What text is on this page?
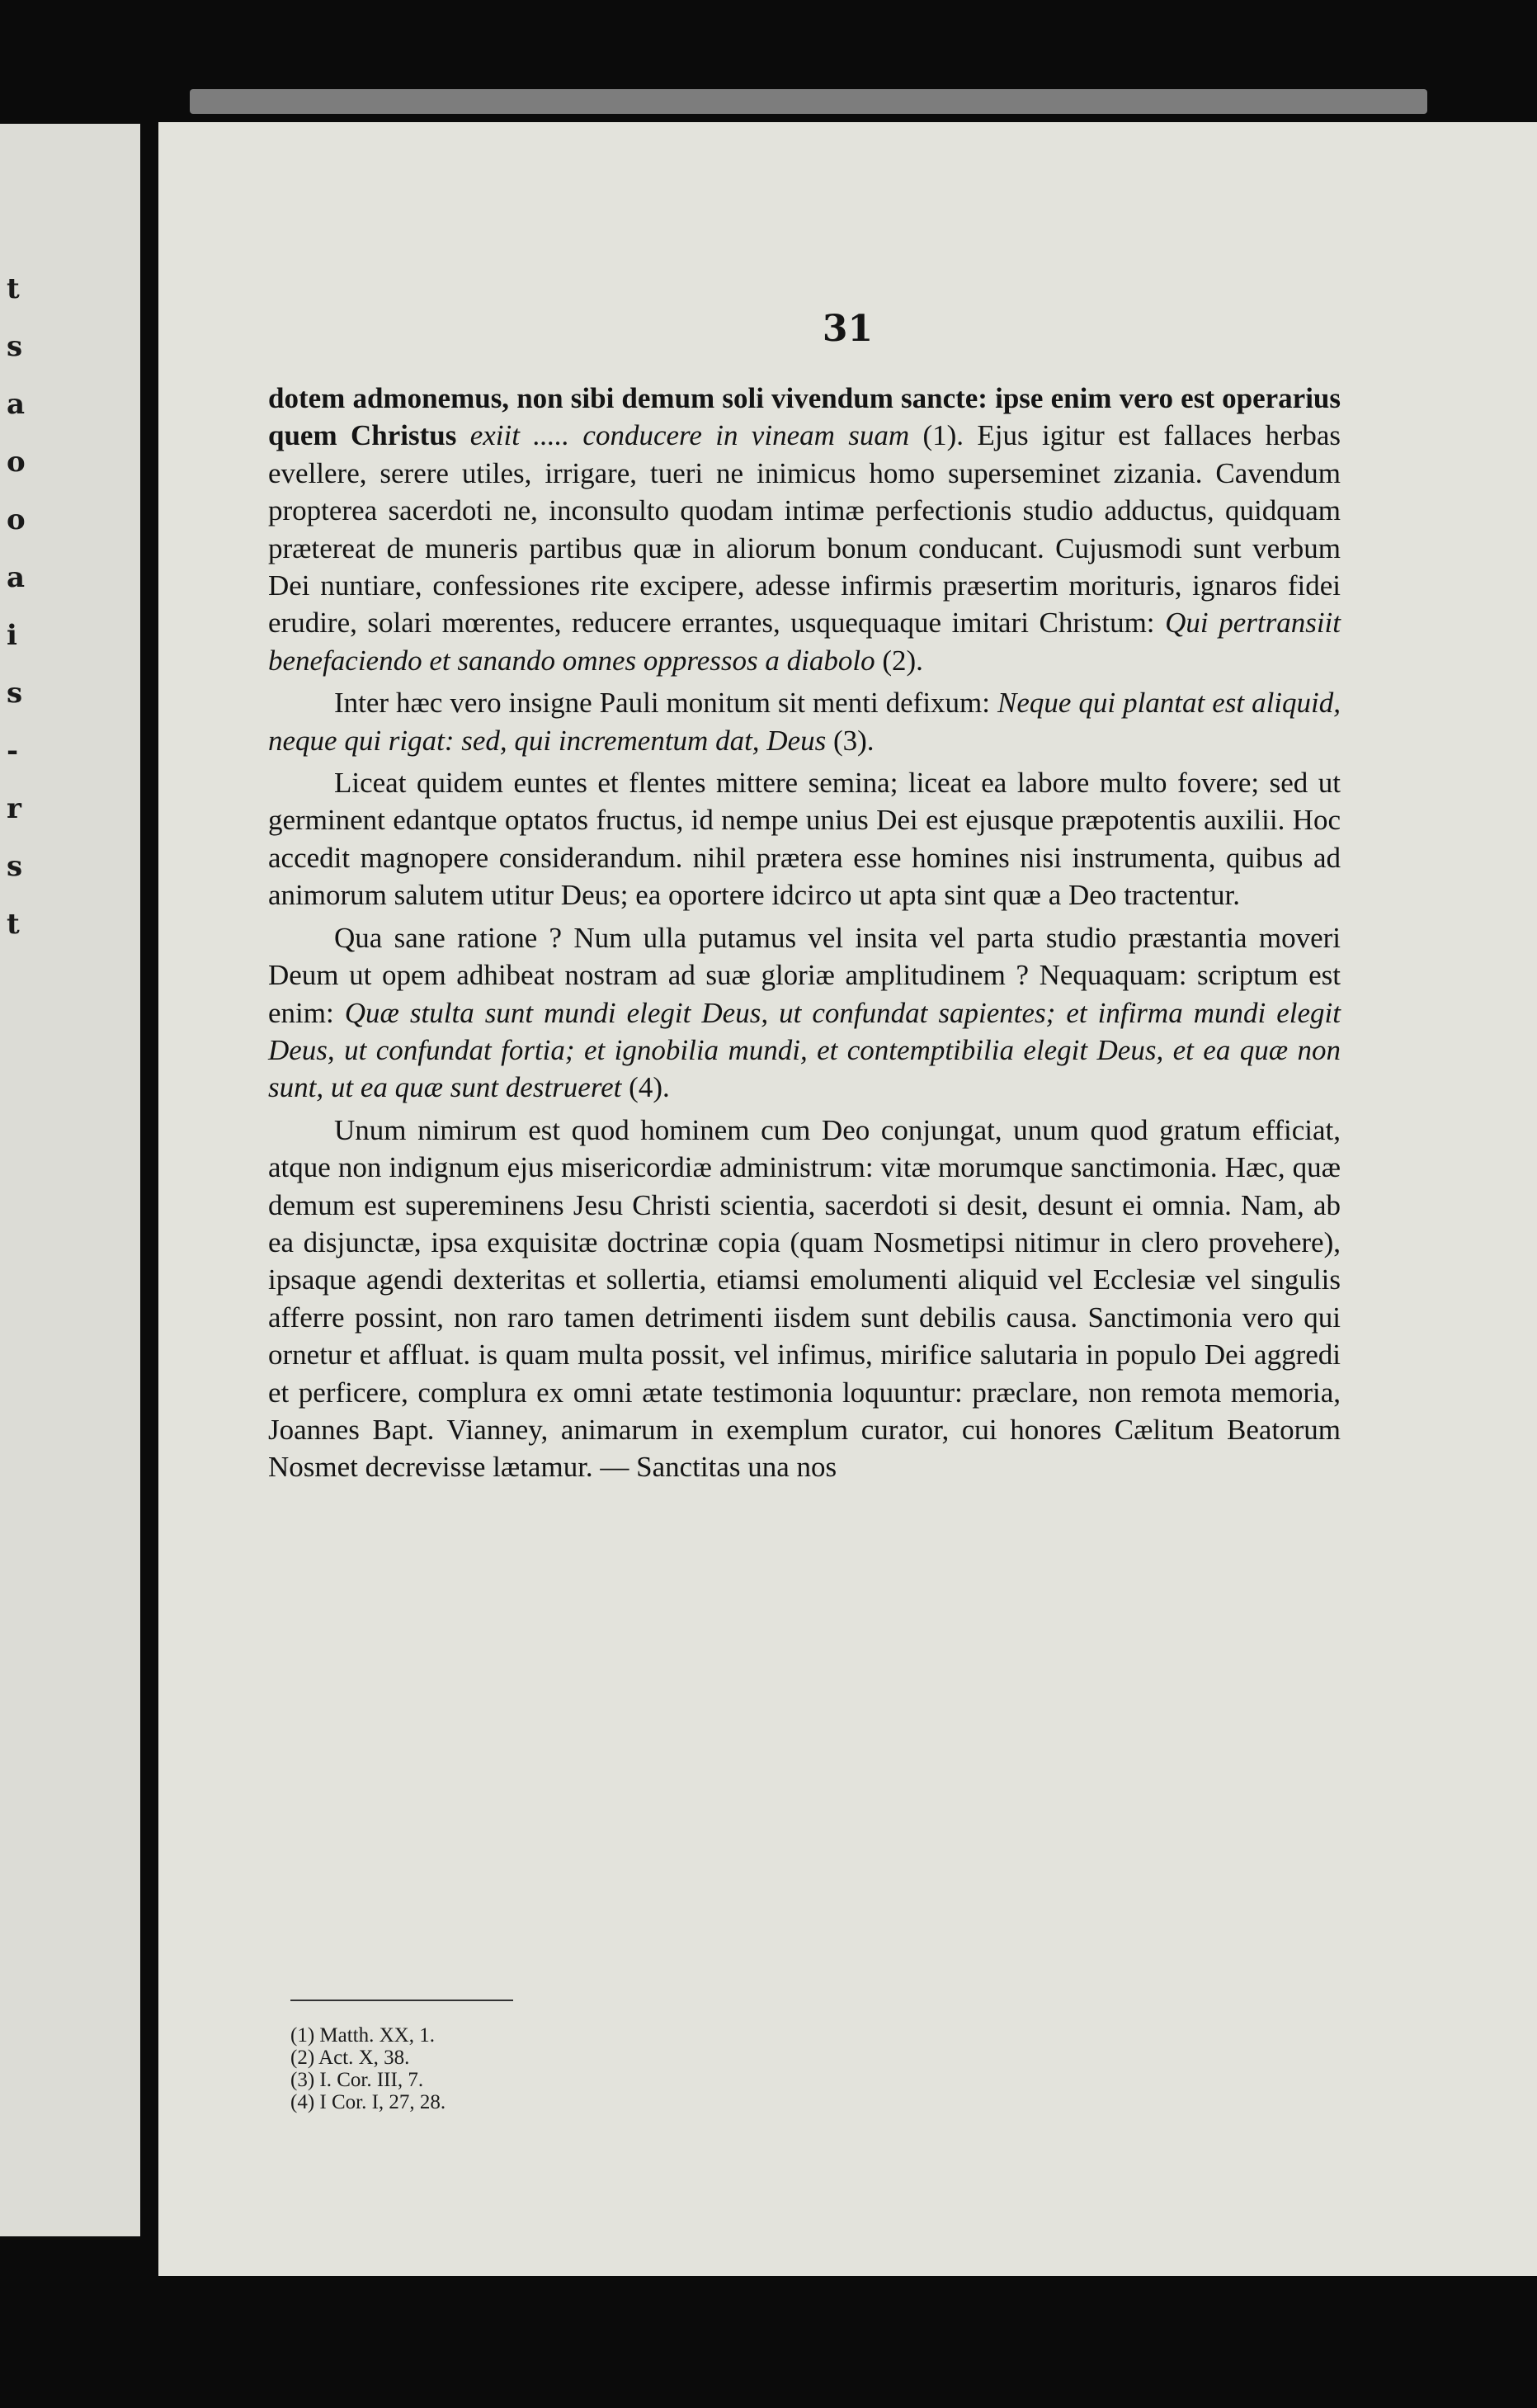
t
s
a
o
o
a
i
s
-
r
s
t
31

dotem admonemus, non sibi demum soli vivendum sancte: ipse enim vero est operarius quem Christus exiit ..... conducere in vineam suam (1). Ejus igitur est fallaces herbas evellere, serere utiles, irrigare, tueri ne inimicus homo superseminet zizania. Cavendum propterea sacerdoti ne, inconsulto quodam intimæ perfectionis studio adductus, quidquam prætereat de muneris partibus quæ in aliorum bonum conducant. Cujusmodi sunt verbum Dei nuntiare, confessiones rite excipere, adesse infirmis præsertim morituris, ignaros fidei erudire, solari mœrentes, reducere errantes, usquequaque imitari Christum: Qui pertransiit benefaciendo et sanando omnes oppressos a diabolo (2).

Inter hæc vero insigne Pauli monitum sit menti defixum: Neque qui plantat est aliquid, neque qui rigat: sed, qui incrementum dat, Deus (3).

Liceat quidem euntes et flentes mittere semina; liceat ea labore multo fovere; sed ut germinent edantque optatos fructus, id nempe unius Dei est ejusque præpotentis auxilii. Hoc accedit magnopere considerandum. nihil prætera esse homines nisi instrumenta, quibus ad animorum salutem utitur Deus; ea oportere idcirco ut apta sint quæ a Deo tractentur.

Qua sane ratione ? Num ulla putamus vel insita vel parta studio præstantia moveri Deum ut opem adhibeat nostram ad suæ gloriæ amplitudinem ? Nequaquam: scriptum est enim: Quæ stulta sunt mundi elegit Deus, ut confundat sapientes; et infirma mundi elegit Deus, ut confundat fortia; et ignobilia mundi, et contemptibilia elegit Deus, et ea quæ non sunt, ut ea quæ sunt destrueret (4).

Unum nimirum est quod hominem cum Deo conjungat, unum quod gratum efficiat, atque non indignum ejus misericordiæ administrum: vitæ morumque sanctimonia. Hæc, quæ demum est supereminens Jesu Christi scientia, sacerdoti si desit, desunt ei omnia. Nam, ab ea disjunctæ, ipsa exquisitæ doctrinæ copia (quam Nosmetipsi nitimur in clero provehere), ipsaque agendi dexteritas et sollertia, etiamsi emolumenti aliquid vel Ecclesiæ vel singulis afferre possint, non raro tamen detrimenti iisdem sunt debilis causa. Sanctimonia vero qui ornetur et affluat. is quam multa possit, vel infimus, mirifice salutaria in populo Dei aggredi et perficere, complura ex omni ætate testimonia loquuntur: præclare, non remota memoria, Joannes Bapt. Vianney, animarum in exemplum curator, cui honores Cælitum Beatorum Nosmet decrevisse lætamur. — Sanctitas una nos

(1) Matth. XX, 1.
(2) Act. X, 38.
(3) I. Cor. III, 7.
(4) I Cor. I, 27, 28.
